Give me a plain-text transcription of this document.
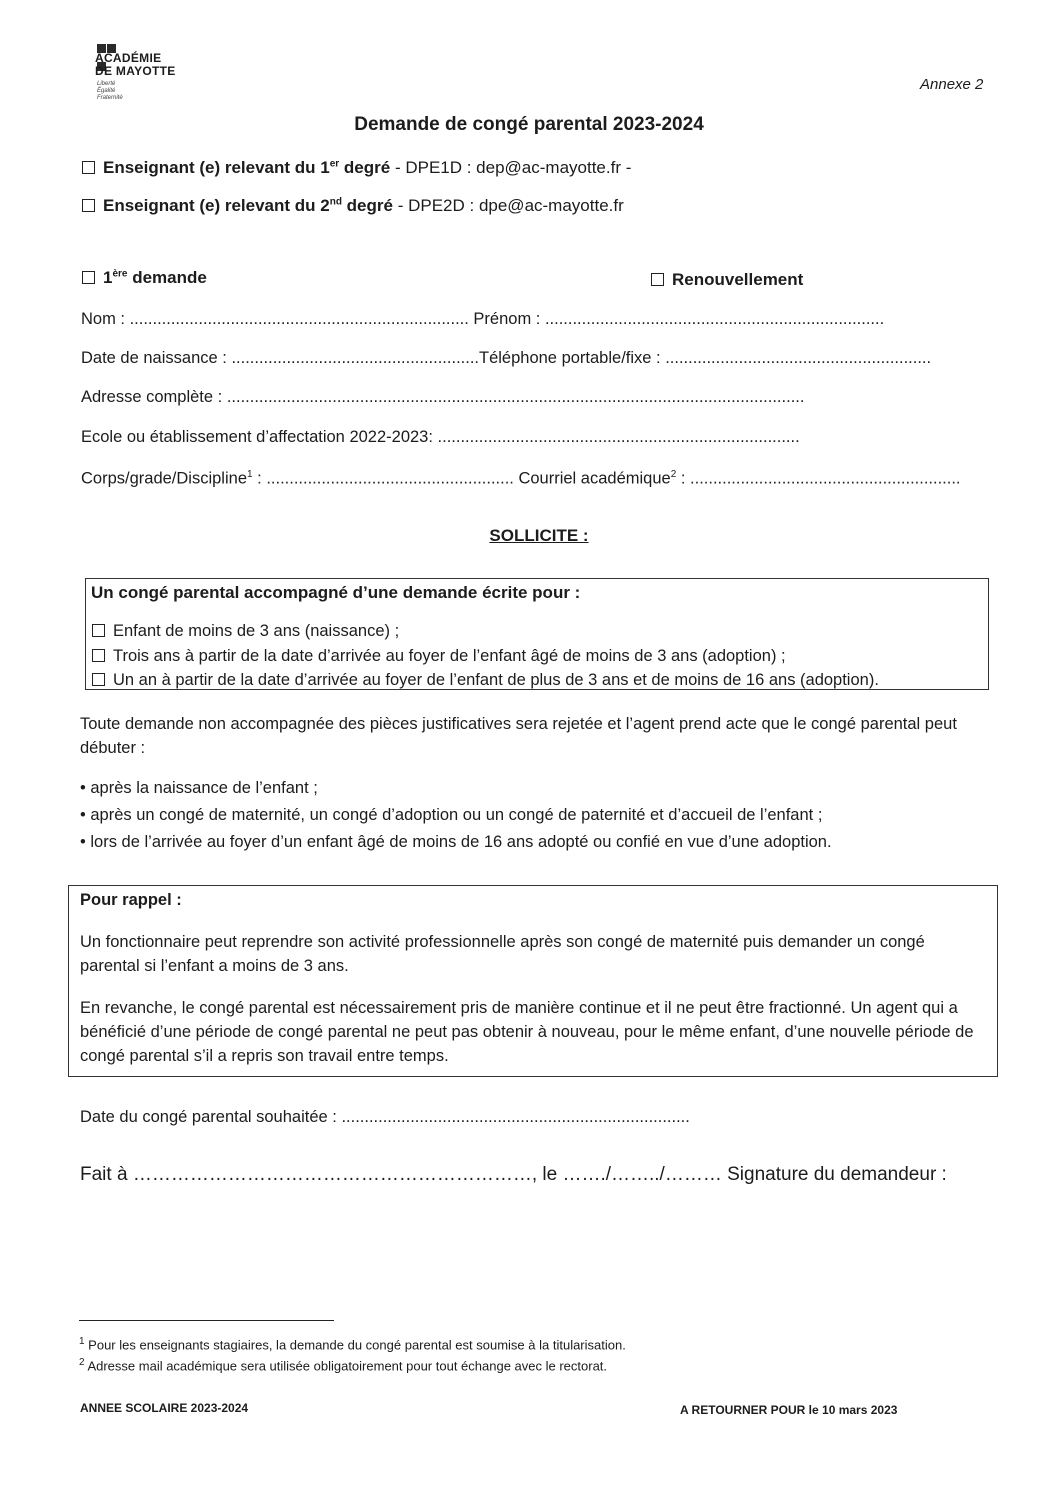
ACADÉMIE
DE MAYOTTE
Liberté
Égalité
Fraternité
Annexe 2
Demande de congé parental 2023-2024
Enseignant (e) relevant du 1er degré - DPE1D : dep@ac-mayotte.fr -
Enseignant (e) relevant du 2nd degré - DPE2D : dpe@ac-mayotte.fr
1ère demande	Renouvellement
Nom : .......................................................................... Prénom : ..........................................................................
Date de naissance : ......................................................Téléphone portable/fixe : ..........................................................
Adresse complète : ..............................................................................................................................
Ecole ou établissement d’affectation 2022-2023: ...............................................................................
Corps/grade/Discipline$^1$ : ...................................................... Courriel académique$^2$ : ...........................................................
SOLLICITE :
Un congé parental accompagné d’une demande écrite pour :
Enfant de moins de 3 ans (naissance) ;
Trois ans à partir de la date d’arrivée au foyer de l’enfant âgé de moins de 3 ans (adoption) ;
Un an à partir de la date d’arrivée au foyer de l’enfant de plus de 3 ans et de moins de 16 ans (adoption).
Toute demande non accompagnée des pièces justificatives sera rejetée et l’agent prend acte que le congé parental peut débuter :
• après la naissance de l’enfant ;
• après un congé de maternité, un congé d’adoption ou un congé de paternité et d’accueil de l’enfant ;
• lors de l’arrivée au foyer d’un enfant âgé de moins de 16 ans adopté ou confié en vue d’une adoption.
Pour rappel :
Un fonctionnaire peut reprendre son activité professionnelle après son congé de maternité puis demander un congé parental si l’enfant a moins de 3 ans.
En revanche, le congé parental est nécessairement pris de manière continue et il ne peut être fractionné. Un agent qui a bénéficié d’une période de congé parental ne peut pas obtenir à nouveau, pour le même enfant, d’une nouvelle période de congé parental s’il a repris son travail entre temps.
Date du congé parental souhaitée : ............................................................................
Fait à ………………………………………………………, le ……./……../……… Signature du demandeur :
$^1$ Pour les enseignants stagiaires, la demande du congé parental est soumise à la titularisation.
$^2$ Adresse mail académique sera utilisée obligatoirement pour tout échange avec le rectorat.
ANNEE SCOLAIRE 2023-2024	A RETOURNER POUR le 10 mars 2023
